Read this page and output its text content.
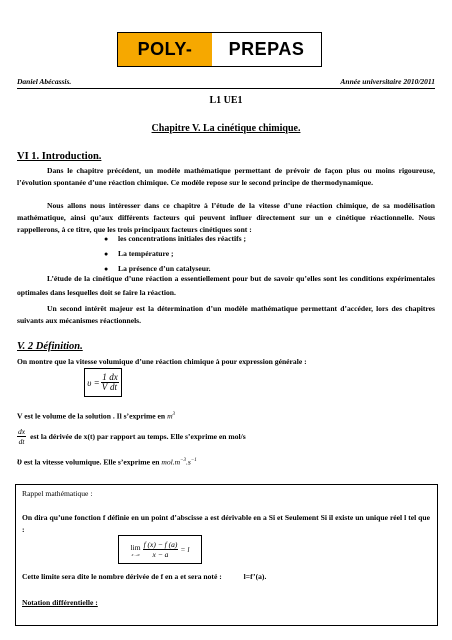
POLY- PREPAS
Daniel Abécassis.	Année universitaire 2010/2011
L1 UE1
Chapitre V. La cinétique chimique.
VI 1. Introduction.

Dans le chapitre précédent, un modèle mathématique permettant de prévoir de façon plus ou moins rigoureuse, l’évolution spontanée d’une réaction chimique. Ce modèle repose sur le second principe de thermodynamique.

Nous allons nous intéresser dans ce chapitre à l’étude de la vitesse d’une réaction chimique, de sa modélisation mathématique, ainsi qu’aux différents facteurs qui peuvent influer directement sur un e cinétique réactionnelle. Nous rappellerons, à ce titre, que les trois principaux facteurs cinétiques sont :

● les concentrations initiales des réactifs ;
● La température ;
● La présence d’un catalyseur.

L’étude de la cinétique d’une réaction a essentiellement pour but de savoir qu’elles sont les conditions expérimentales optimales dans lesquelles doit se faire la réaction.

Un second intérêt majeur est la détermination d’un modèle mathématique permettant d’accéder, lors des chapitres suivants aux mécanismes réactionnels.

V. 2 Définition.
On montre que la vitesse volumique d’une réaction chimique à pour expression générale :
$\upsilon = \frac{1}{V} \frac{dx}{dt}$
V est le volume de la solution . Il s’exprime en $m^3$
$\frac{dx}{dt}$ est la dérivée de x(t) par rapport au temps. Elle s’exprime en mol/s
υ est la vitesse volumique. Elle s’exprime en $mol.m^{-3}.s^{-1}$
Rappel mathématique :
On dira qu’une fonction f définie en un point d’abscisse a est dérivable en a Si et Seulement Si il existe un unique réel l tel que :
lim
$x\to a \frac{f (x) - f (a)}{x - a} = l$
Cette limite sera dite le nombre dérivée de f en a et sera noté :	l=f’(a).
Notation différentielle :
